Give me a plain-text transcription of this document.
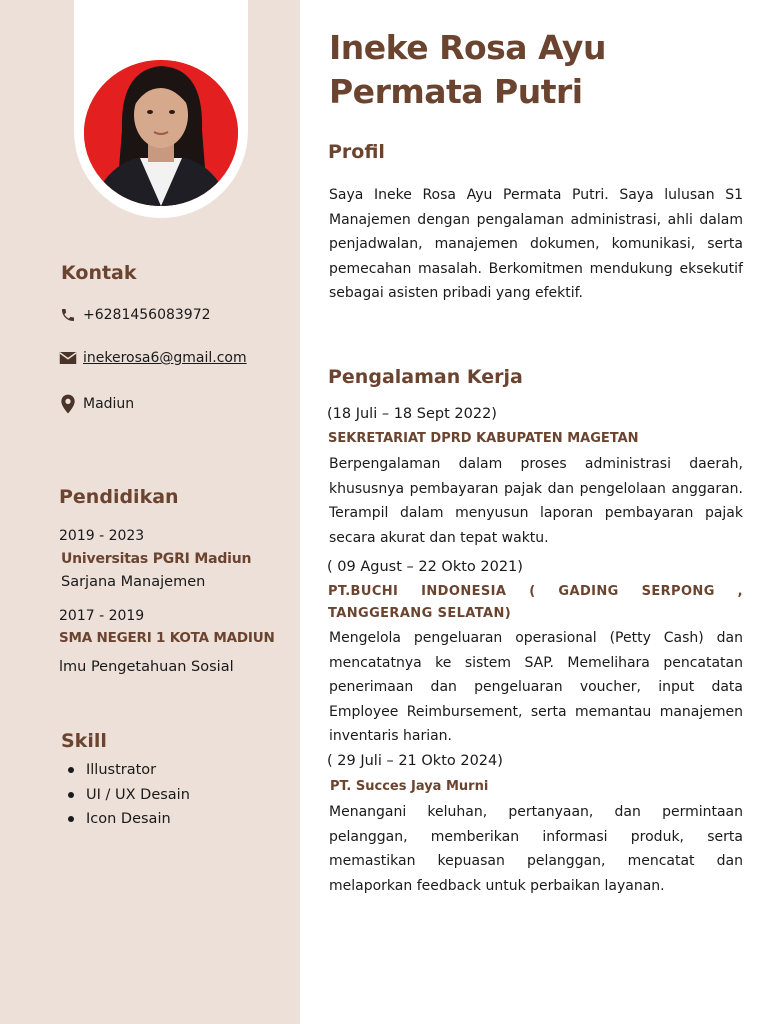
Kontak
+6281456083972
inekerosa6@gmail.com
Madiun
Pendidikan
2019 - 2023
Universitas PGRI Madiun
Sarjana Manajemen
2017 - 2019
SMA NEGERI 1 KOTA MADIUN
lmu Pengetahuan Sosial
Skill
Illustrator
UI / UX Desain
Icon Desain
Ineke Rosa Ayu
Permata Putri
Profil
Saya Ineke Rosa Ayu Permata Putri. Saya lulusan S1 Manajemen dengan pengalaman administrasi, ahli dalam penjadwalan, manajemen dokumen, komunikasi, serta pemecahan masalah. Berkomitmen mendukung eksekutif sebagai asisten pribadi yang efektif.
Pengalaman Kerja
(18 Juli – 18 Sept 2022)
SEKRETARIAT DPRD KABUPATEN MAGETAN
Berpengalaman dalam proses administrasi daerah, khususnya pembayaran pajak dan pengelolaan anggaran. Terampil dalam menyusun laporan pembayaran pajak secara akurat dan tepat waktu.
( 09 Agust – 22 Okto 2021)
PT.BUCHI INDONESIA ( GADING SERPONG , TANGGERANG SELATAN)
Mengelola pengeluaran operasional (Petty Cash) dan mencatatnya ke sistem SAP. Memelihara pencatatan penerimaan dan pengeluaran voucher, input data Employee Reimbursement, serta memantau manajemen inventaris harian.
( 29 Juli – 21 Okto 2024)
PT. Succes Jaya Murni
Menangani keluhan, pertanyaan, dan permintaan pelanggan, memberikan informasi produk, serta memastikan kepuasan pelanggan, mencatat dan melaporkan feedback untuk perbaikan layanan.
